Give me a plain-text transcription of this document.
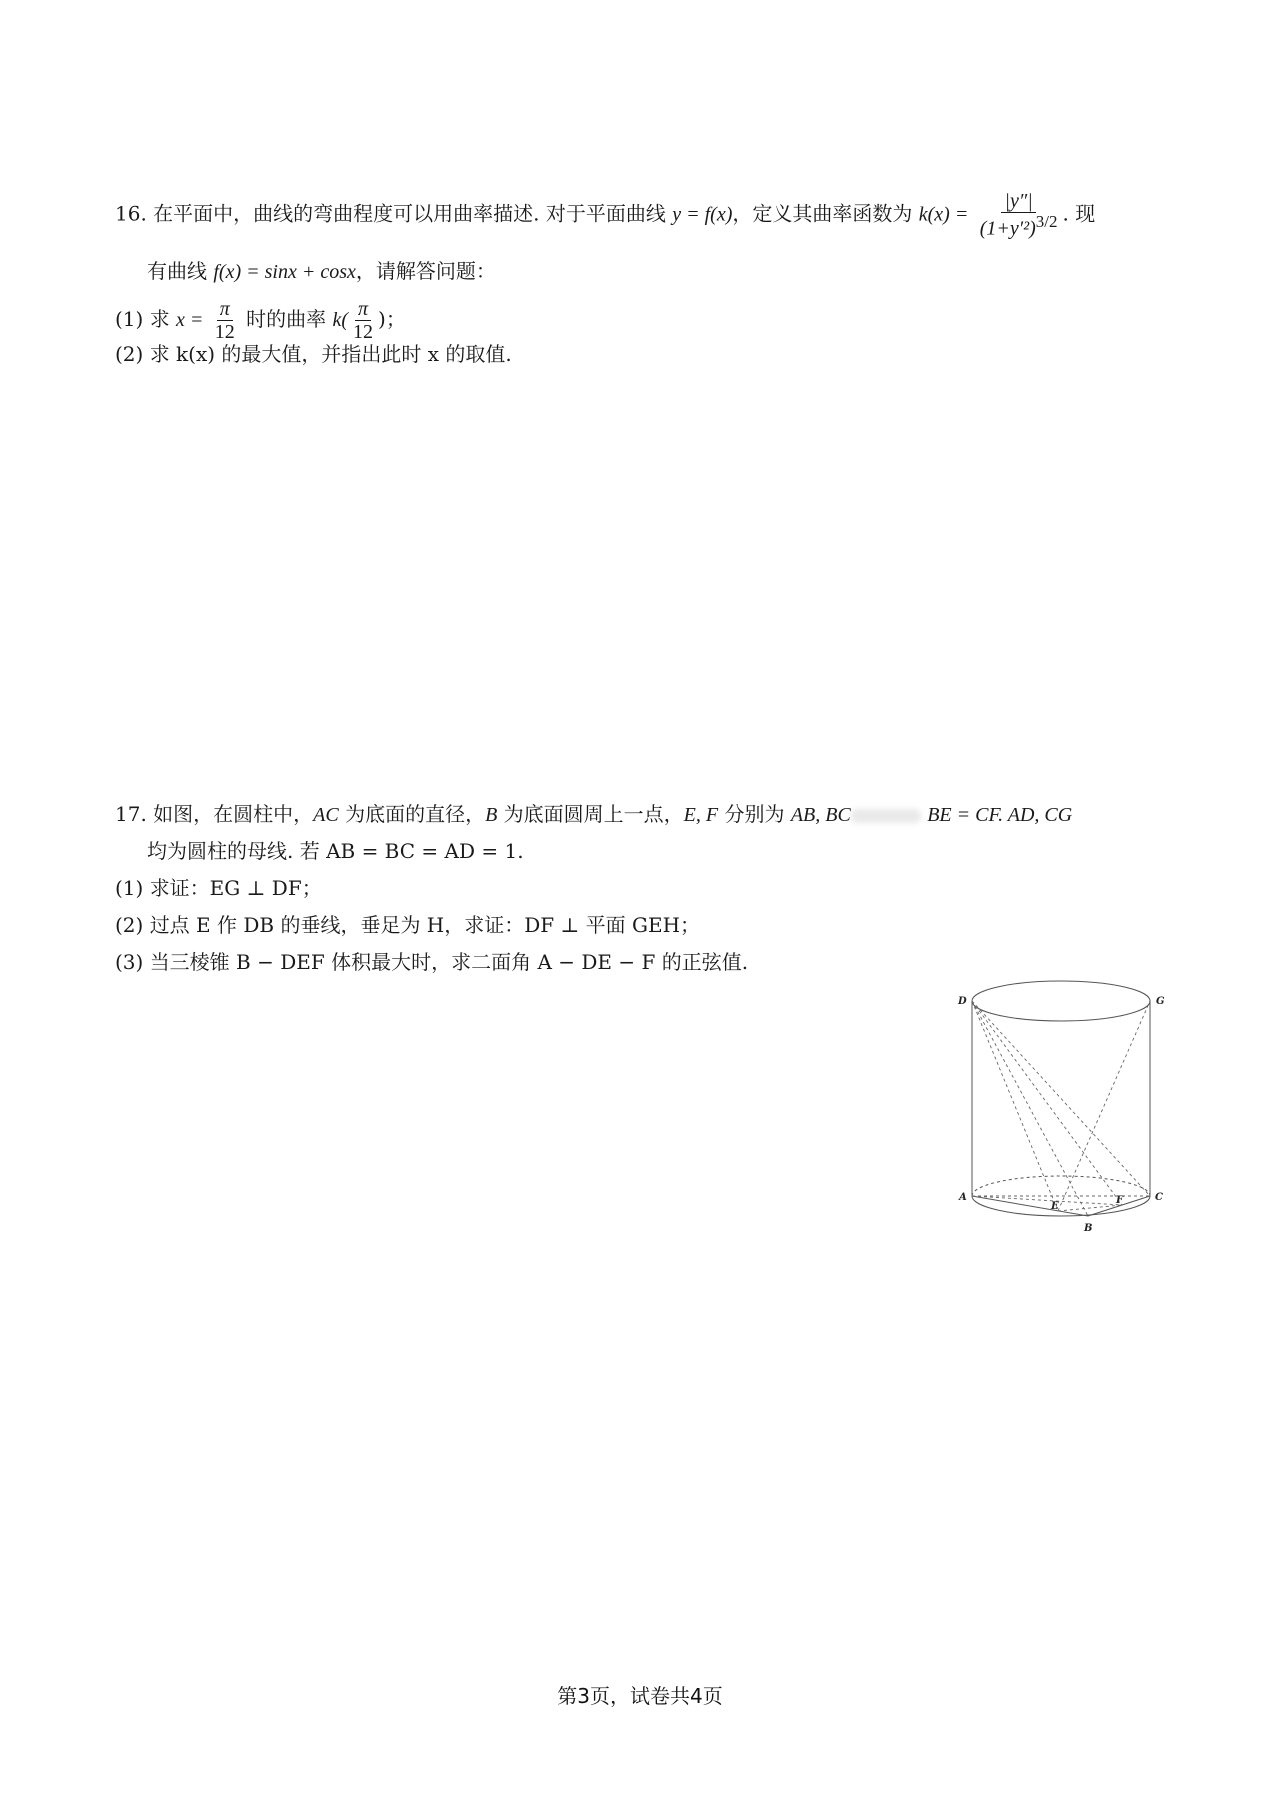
16. 在平面中，曲线的弯曲程度可以用曲率描述. 对于平面曲线 y = f(x)，定义其曲率函数为 $k(x) = \frac{|y''|}{(1+y'^2)^{3/2}}$ . 现
有曲线 f(x) = sinx + cosx，请解答问题：
(1) 求 $x = \frac{\pi}{12}$ 时的曲率 $k( \frac{\pi}{12}$ )；
(2) 求 k(x) 的最大值，并指出此时 x 的取值.
17. 如图，在圆柱中，AC 为底面的直径，B 为底面圆周上一点，E, F 分别为 AB, BC	BE = CF. AD, CG
均为圆柱的母线. 若 AB = BC = AD = 1.
(1) 求证：EG ⊥ DF；
(2) 过点 E 作 DB 的垂线，垂足为 H，求证：DF ⊥ 平面 GEH；
(3) 当三棱锥 B − DEF 体积最大时，求二面角 A − DE − F 的正弦值.
D	G
A	C
B
E
F
第3页，试卷共4页
